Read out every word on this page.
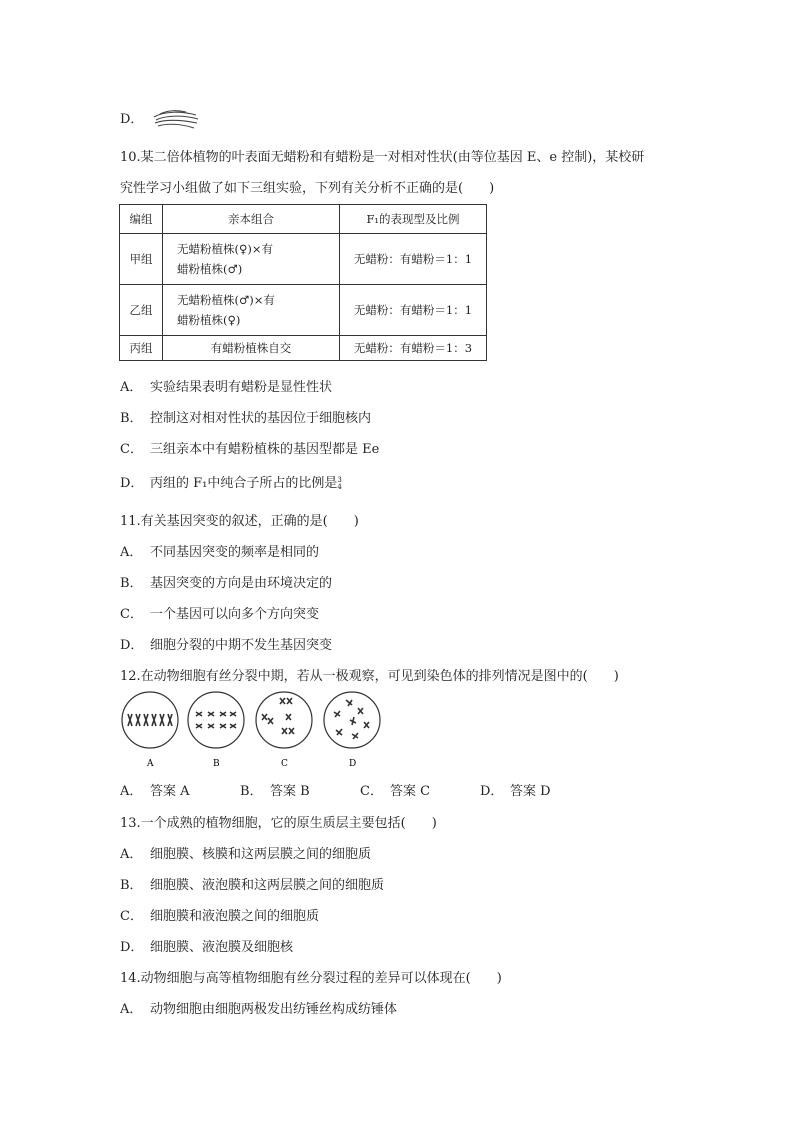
D．
10.某二倍体植物的叶表面无蜡粉和有蜡粉是一对相对性状(由等位基因 E、e 控制)，某校研
究性学习小组做了如下三组实验，下列有关分析不正确的是(　　)
编组	亲本组合	F₁的表现型及比例
甲组	无蜡粉植株(♀)×有
蜡粉植株(♂)	无蜡粉：有蜡粉＝1：1
乙组	无蜡粉植株(♂)×有
蜡粉植株(♀)	无蜡粉：有蜡粉＝1：1
丙组	有蜡粉植株自交	无蜡粉：有蜡粉＝1：3
A． 实验结果表明有蜡粉是显性性状
B． 控制这对相对性状的基因位于细胞核内
C． 三组亲本中有蜡粉植株的基因型都是 Ee
D． 丙组的 F₁中纯合子所占的比例是 3
4
11.有关基因突变的叙述，正确的是(　　)
A． 不同基因突变的频率是相同的
B． 基因突变的方向是由环境决定的
C． 一个基因可以向多个方向突变
D． 细胞分裂的中期不发生基因突变
12.在动物细胞有丝分裂中期，若从一极观察，可见到染色体的排列情况是图中的(　　)
A	B	C	D
A． 答案 A	B． 答案 B	C． 答案 C	D． 答案 D
13.一个成熟的植物细胞，它的原生质层主要包括(　　)
A． 细胞膜、核膜和这两层膜之间的细胞质
B． 细胞膜、液泡膜和这两层膜之间的细胞质
C． 细胞膜和液泡膜之间的细胞质
D． 细胞膜、液泡膜及细胞核
14.动物细胞与高等植物细胞有丝分裂过程的差异可以体现在(　　)
A． 动物细胞由细胞两极发出纺锤丝构成纺锤体
